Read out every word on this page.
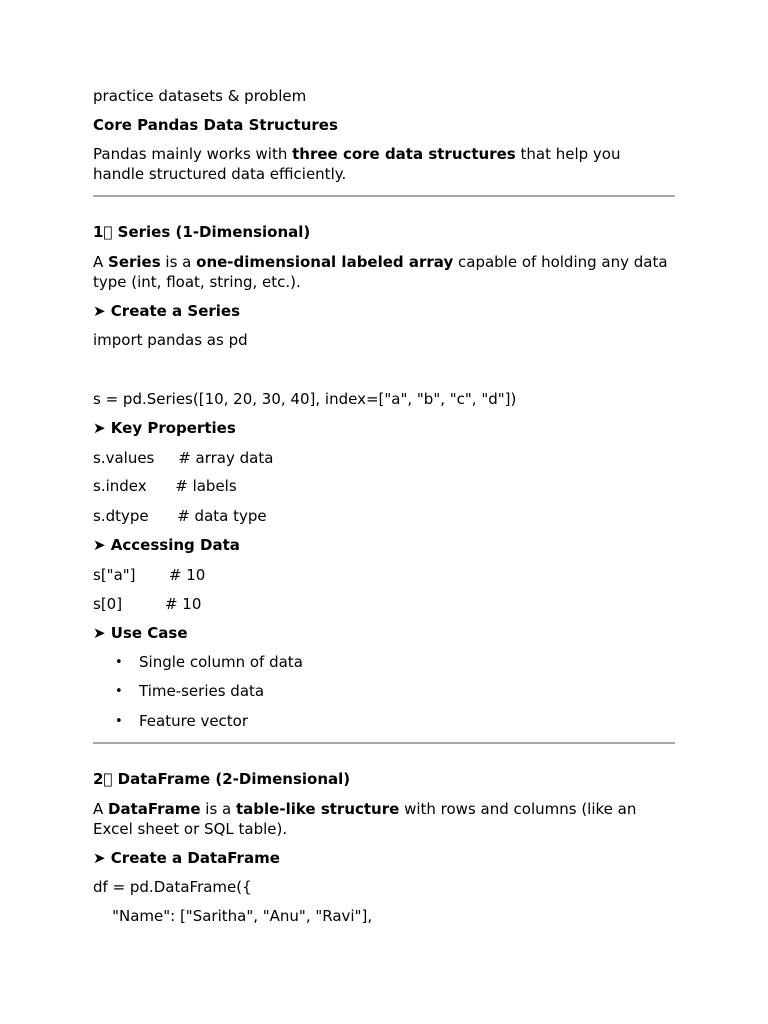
practice datasets & problem
Core Pandas Data Structures

Pandas mainly works with three core data structures that help you handle structured data efficiently.

1⃣ Series (1-Dimensional)

A Series is a one-dimensional labeled array capable of holding any data type (int, float, string, etc.).

➤ Create a Series
import pandas as pd
s = pd.Series([10, 20, 30, 40], index=["a", "b", "c", "d"])
➤ Key Properties
s.values     # array data
s.index      # labels
s.dtype      # data type
➤ Accessing Data
s["a"]       # 10
s[0]         # 10
➤ Use Case
• Single column of data
• Time-series data
• Feature vector
2⃣ DataFrame (2-Dimensional)

A DataFrame is a table-like structure with rows and columns (like an Excel sheet or SQL table).

➤ Create a DataFrame
df = pd.DataFrame({
"Name": ["Saritha", "Anu", "Ravi"],
